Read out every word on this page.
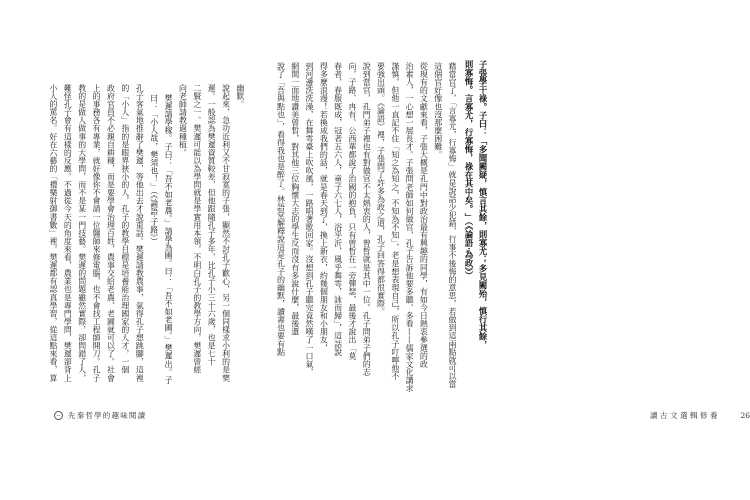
幽默。
說起來，急功近利又不甘寂寞的子張，顯然不討孔子歡心，另一個同樣求小利的是樊
遲。一般認為樊遲資質較差，但他跟隨孔子多年，比孔子小三十六歲，也是七十
二賢之一。樊遲可能以為學問就是學實用本領，不明白孔子的教學方向，樊遲曾經
向老師請教過種植。
樊遲請學稼。子曰：「吾不如老農。」請學為圃。曰：「吾不如老圃。」樊遲出。子
曰：「小人哉，樊須也！」（《論語‧子路》）
孔子客氣地推辭了樊遲，等他出去才說重話。樊遲請教農事，氣得孔子想跳腳，這裡
的「小人」指的是眼界狹小的人，孔子的教學目標是培養能治理國家的人才，一個
政府官員不必親自耕種，而是要學會治理百姓，農事交給老農、老圃就可以了。社會
上的事務各有專業，就好像你不會請一位醫師來修電腦，也不會找工程師開刀。孔子
教的是做人做事的大學問，而不是某一門技藝。樊遲的問題雖然實際，卻問錯了人，
難怪孔子會有這樣的反應。不過從今天的角度來看，農業也是專門學問，樊遲卻背上
小人的罵名。好在六藝的「禮樂射御書數」裡，樊遲都有認真學習，從這點來看，算
先秦哲學的趣味閱讀
子張學干祿。子曰：「多聞闕疑，慎言其餘，則寡尤；多見闕殆，慎行其餘，
則寡悔。言寡尤，行寡悔，祿在其中矣。」（《論語‧為政》）
藉當官了，「言寡尤，行寡悔」就是說話少犯錯，行事不後悔的意思，若做到這兩點就可以當
這個官好像也沒那麼困難。
從現有的文獻來看，子張大概是孔門中對政治最有興趣的同學，有如今日熱衷參選的政
治素人，一心想一展長才。子張問老師如何做官，孔子告訴他要多聽、多看——儒家文化講求
謹慎，但他一直記不住「知之為知之，不知為不知」，老是想表現自己，所以孔子叮嚀他不
要強出頭。《論語》裡，子張問了許多為政之道，孔子回答得都很實際。
說到當官，孔門弟子裡也有對做官不太熱衷的人，曾晳就是其中一位。孔子問弟子們的志
向，子路、冉有、公西華都說了治國的抱負，只有曾晳在一旁彈瑟，最後才說出「莫
春者，春服既成，冠者五六人，童子六七人，浴乎沂，風乎舞雩，詠而歸」，這話說
得多麼浪漫！若換成我們的話，就是春天到了，換上新衣，約幾個朋友和小朋友，
到河邊洗洗澡，在舞雩臺上吹吹風，一路唱著歌回家。沒想到孔子聽完竟然嘆了一口氣，
網開一面地讚美曾晳，對其他三位胸懷大志的學生反而沒有多說什麼，最後還
說了「吾與點也」，看得我也是醉了。林語堂解釋說這是孔子的幽默，讀書也要有點
讀古文選輯修養	26
